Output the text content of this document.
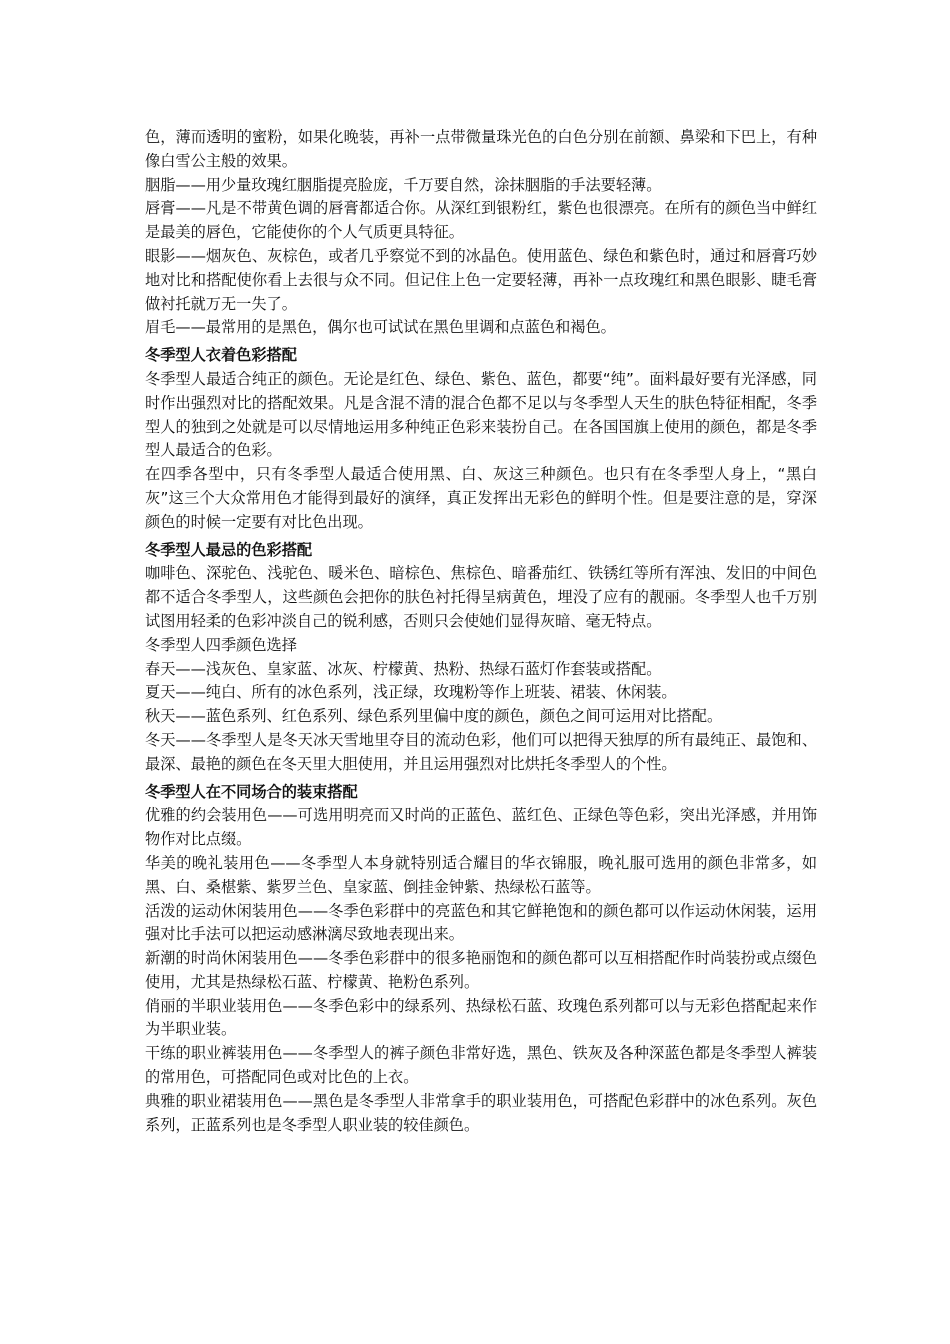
色，薄而透明的蜜粉，如果化晚装，再补一点带微量珠光色的白色分别在前额、鼻梁和下巴上，有种像白雪公主般的效果。
胭脂——用少量玫瑰红胭脂提亮脸庞，千万要自然，涂抹胭脂的手法要轻薄。
唇膏——凡是不带黄色调的唇膏都适合你。从深红到银粉红，紫色也很漂亮。在所有的颜色当中鲜红是最美的唇色，它能使你的个人气质更具特征。
眼影——烟灰色、灰棕色，或者几乎察觉不到的冰晶色。使用蓝色、绿色和紫色时，通过和唇膏巧妙地对比和搭配使你看上去很与众不同。但记住上色一定要轻薄，再补一点玫瑰红和黑色眼影、睫毛膏做衬托就万无一失了。
眉毛——最常用的是黑色，偶尔也可试试在黑色里调和点蓝色和褐色。
冬季型人衣着色彩搭配
冬季型人最适合纯正的颜色。无论是红色、绿色、紫色、蓝色，都要“纯”。面料最好要有光泽感，同时作出强烈对比的搭配效果。凡是含混不清的混合色都不足以与冬季型人天生的肤色特征相配，冬季型人的独到之处就是可以尽情地运用多种纯正色彩来装扮自己。在各国国旗上使用的颜色，都是冬季型人最适合的色彩。
在四季各型中，只有冬季型人最适合使用黑、白、灰这三种颜色。也只有在冬季型人身上，“黑白灰”这三个大众常用色才能得到最好的演绎，真正发挥出无彩色的鲜明个性。但是要注意的是，穿深颜色的时候一定要有对比色出现。
冬季型人最忌的色彩搭配
咖啡色、深驼色、浅驼色、暖米色、暗棕色、焦棕色、暗番茄红、铁锈红等所有浑浊、发旧的中间色都不适合冬季型人，这些颜色会把你的肤色衬托得呈病黄色，埋没了应有的靓丽。冬季型人也千万别试图用轻柔的色彩冲淡自己的锐利感，否则只会使她们显得灰暗、毫无特点。
冬季型人四季颜色选择
春天——浅灰色、皇家蓝、冰灰、柠檬黄、热粉、热绿石蓝灯作套装或搭配。
夏天——纯白、所有的冰色系列，浅正绿，玫瑰粉等作上班装、裙装、休闲装。
秋天——蓝色系列、红色系列、绿色系列里偏中度的颜色，颜色之间可运用对比搭配。
冬天——冬季型人是冬天冰天雪地里夺目的流动色彩，他们可以把得天独厚的所有最纯正、最饱和、最深、最艳的颜色在冬天里大胆使用，并且运用强烈对比烘托冬季型人的个性。
冬季型人在不同场合的装束搭配
优雅的约会装用色——可选用明亮而又时尚的正蓝色、蓝红色、正绿色等色彩，突出光泽感，并用饰物作对比点缀。
华美的晚礼装用色——冬季型人本身就特别适合耀目的华衣锦服，晚礼服可选用的颜色非常多，如黑、白、桑椹紫、紫罗兰色、皇家蓝、倒挂金钟紫、热绿松石蓝等。
活泼的运动休闲装用色——冬季色彩群中的亮蓝色和其它鲜艳饱和的颜色都可以作运动休闲装，运用强对比手法可以把运动感淋漓尽致地表现出来。
新潮的时尚休闲装用色——冬季色彩群中的很多艳丽饱和的颜色都可以互相搭配作时尚装扮或点缀色使用，尤其是热绿松石蓝、柠檬黄、艳粉色系列。
俏丽的半职业装用色——冬季色彩中的绿系列、热绿松石蓝、玫瑰色系列都可以与无彩色搭配起来作为半职业装。
干练的职业裤装用色——冬季型人的裤子颜色非常好选，黑色、铁灰及各种深蓝色都是冬季型人裤装的常用色，可搭配同色或对比色的上衣。
典雅的职业裙装用色——黑色是冬季型人非常拿手的职业装用色，可搭配色彩群中的冰色系列。灰色系列，正蓝系列也是冬季型人职业装的较佳颜色。
